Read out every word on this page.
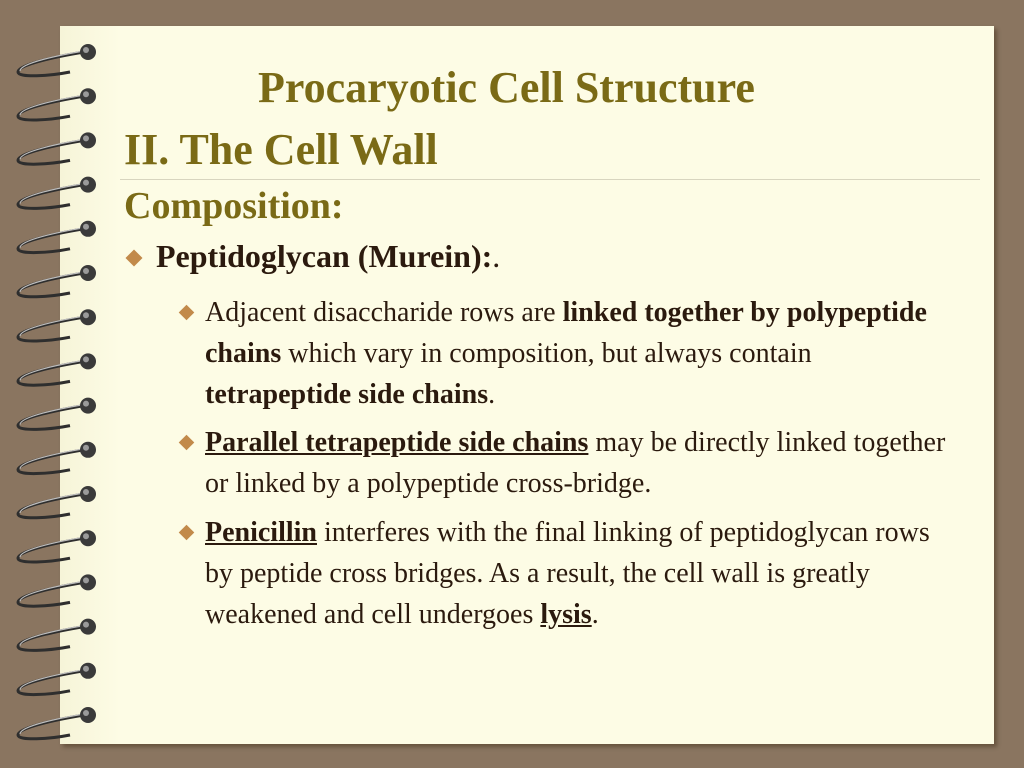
Procaryotic Cell Structure
II. The Cell Wall
Composition:
Peptidoglycan (Murein):.
Adjacent disaccharide rows are linked together by polypeptide chains which vary in composition, but always contain tetrapeptide side chains.
Parallel tetrapeptide side chains may be directly linked together or linked by a polypeptide cross-bridge.
Penicillin interferes with the final linking of peptidoglycan rows by peptide cross bridges. As a result, the cell wall is greatly weakened and cell undergoes lysis.
